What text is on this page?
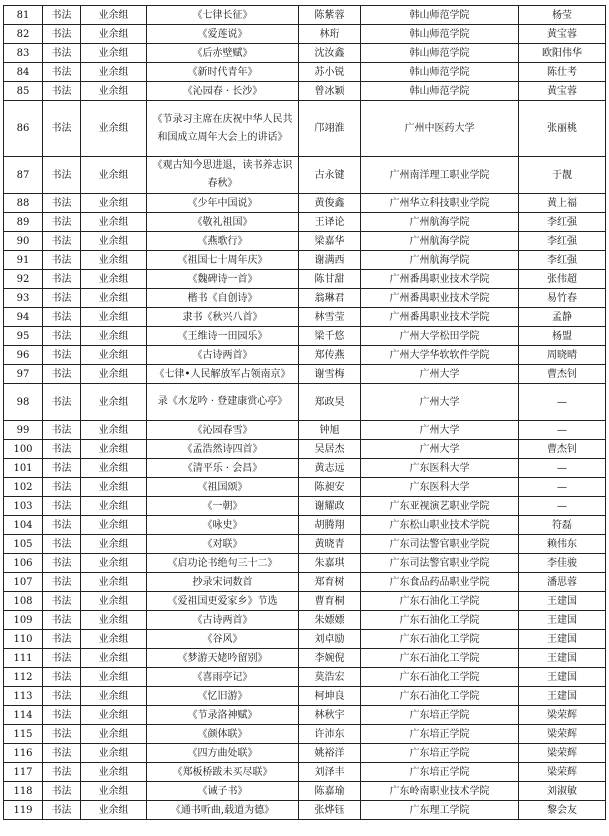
81	书法	业余组	《七律长征》	陈紫蓉	韩山师范学院	杨莹
82	书法	业余组	《爱莲说》	林珩	韩山师范学院	黄宝蓉
83	书法	业余组	《后赤壁赋》	沈汝鑫	韩山师范学院	欧阳伟华
84	书法	业余组	《新时代青年》	苏小锐	韩山师范学院	陈仕考
85	书法	业余组	《沁园春 · 长沙》	曾冰颖	韩山师范学院	黄宝蓉
86	书法	业余组	《节录习主席在庆祝中华人民共和国成立周年大会上的讲话》	邝翊淮	广州中医药大学	张丽桃
87	书法	业余组	《观古知今思进退，读书养志识春秋》	古永键	广州南洋理工职业学院	于靓
88	书法	业余组	《少年中国说》	黄俊鑫	广州华立科技职业学院	黄上福
89	书法	业余组	《敬礼祖国》	王译论	广州航海学院	李红强
90	书法	业余组	《燕歌行》	梁嘉华	广州航海学院	李红强
91	书法	业余组	《祖国七十周年庆》	谢满西	广州航海学院	李红强
92	书法	业余组	《魏碑诗一首》	陈甘甜	广州番禺职业技术学院	张伟超
93	书法	业余组	楷书《自创诗》	翁琳君	广州番禺职业技术学院	易竹春
94	书法	业余组	隶书《秋兴八首》	林雪莹	广州番禺职业技术学院	孟静
95	书法	业余组	《王维诗一田园乐》	梁千悠	广州大学松田学院	杨盟
96	书法	业余组	《古诗两首》	郑传燕	广州大学华软软件学院	周晓晴
97	书法	业余组	《七律•人民解放军占领南京》	谢雪梅	广州大学	曹杰钊
98	书法	业余组	录《水龙吟 · 登建康赏心亭》	郑政昊	广州大学	—
99	书法	业余组	《沁园春雪》	钟旭	广州大学	—
100	书法	业余组	《孟浩然诗四首》	吴居杰	广州大学	曹杰钊
101	书法	业余组	《清平乐 · 会昌》	黄志远	广东医科大学	—
102	书法	业余组	《祖国颂》	陈昶安	广东医科大学	—
103	书法	业余组	《一朝》	谢耀政	广东亚视演艺职业学院	—
104	书法	业余组	《咏史》	胡腾翔	广东松山职业技术学院	符磊
105	书法	业余组	《对联》	黄晓青	广东司法警官职业学院	赖伟东
106	书法	业余组	《启功论书绝句三十二》	朱嘉琪	广东司法警官职业学院	李佳骏
107	书法	业余组	抄录宋词数首	郑育树	广东食品药品职业学院	潘思蓉
108	书法	业余组	《爱祖国更爱家乡》节选	曹育桐	广东石油化工学院	王建国
109	书法	业余组	《古诗两首》	朱嫖嫖	广东石油化工学院	王建国
110	书法	业余组	《谷风》	刘卓励	广东石油化工学院	王建国
111	书法	业余组	《梦游天姥吟留别》	李婉倪	广东石油化工学院	王建国
112	书法	业余组	《喜雨亭记》	莫浩宏	广东石油化工学院	王建国
113	书法	业余组	《忆旧游》	柯坤良	广东石油化工学院	王建国
114	书法	业余组	《节录洛神赋》	林秋宇	广东培正学院	梁荣辉
115	书法	业余组	《颜体联》	许沛东	广东培正学院	梁荣辉
116	书法	业余组	《四方曲处联》	姚裕洋	广东培正学院	梁荣辉
117	书法	业余组	《郑板桥跋未买尽联》	刘泽丰	广东培正学院	梁荣辉
118	书法	业余组	《诫子书》	陈嘉瑜	广东岭南职业技术学院	刘淑敏
119	书法	业余组	《通书听曲,载道为德》	张烨钰	广东理工学院	黎会友
